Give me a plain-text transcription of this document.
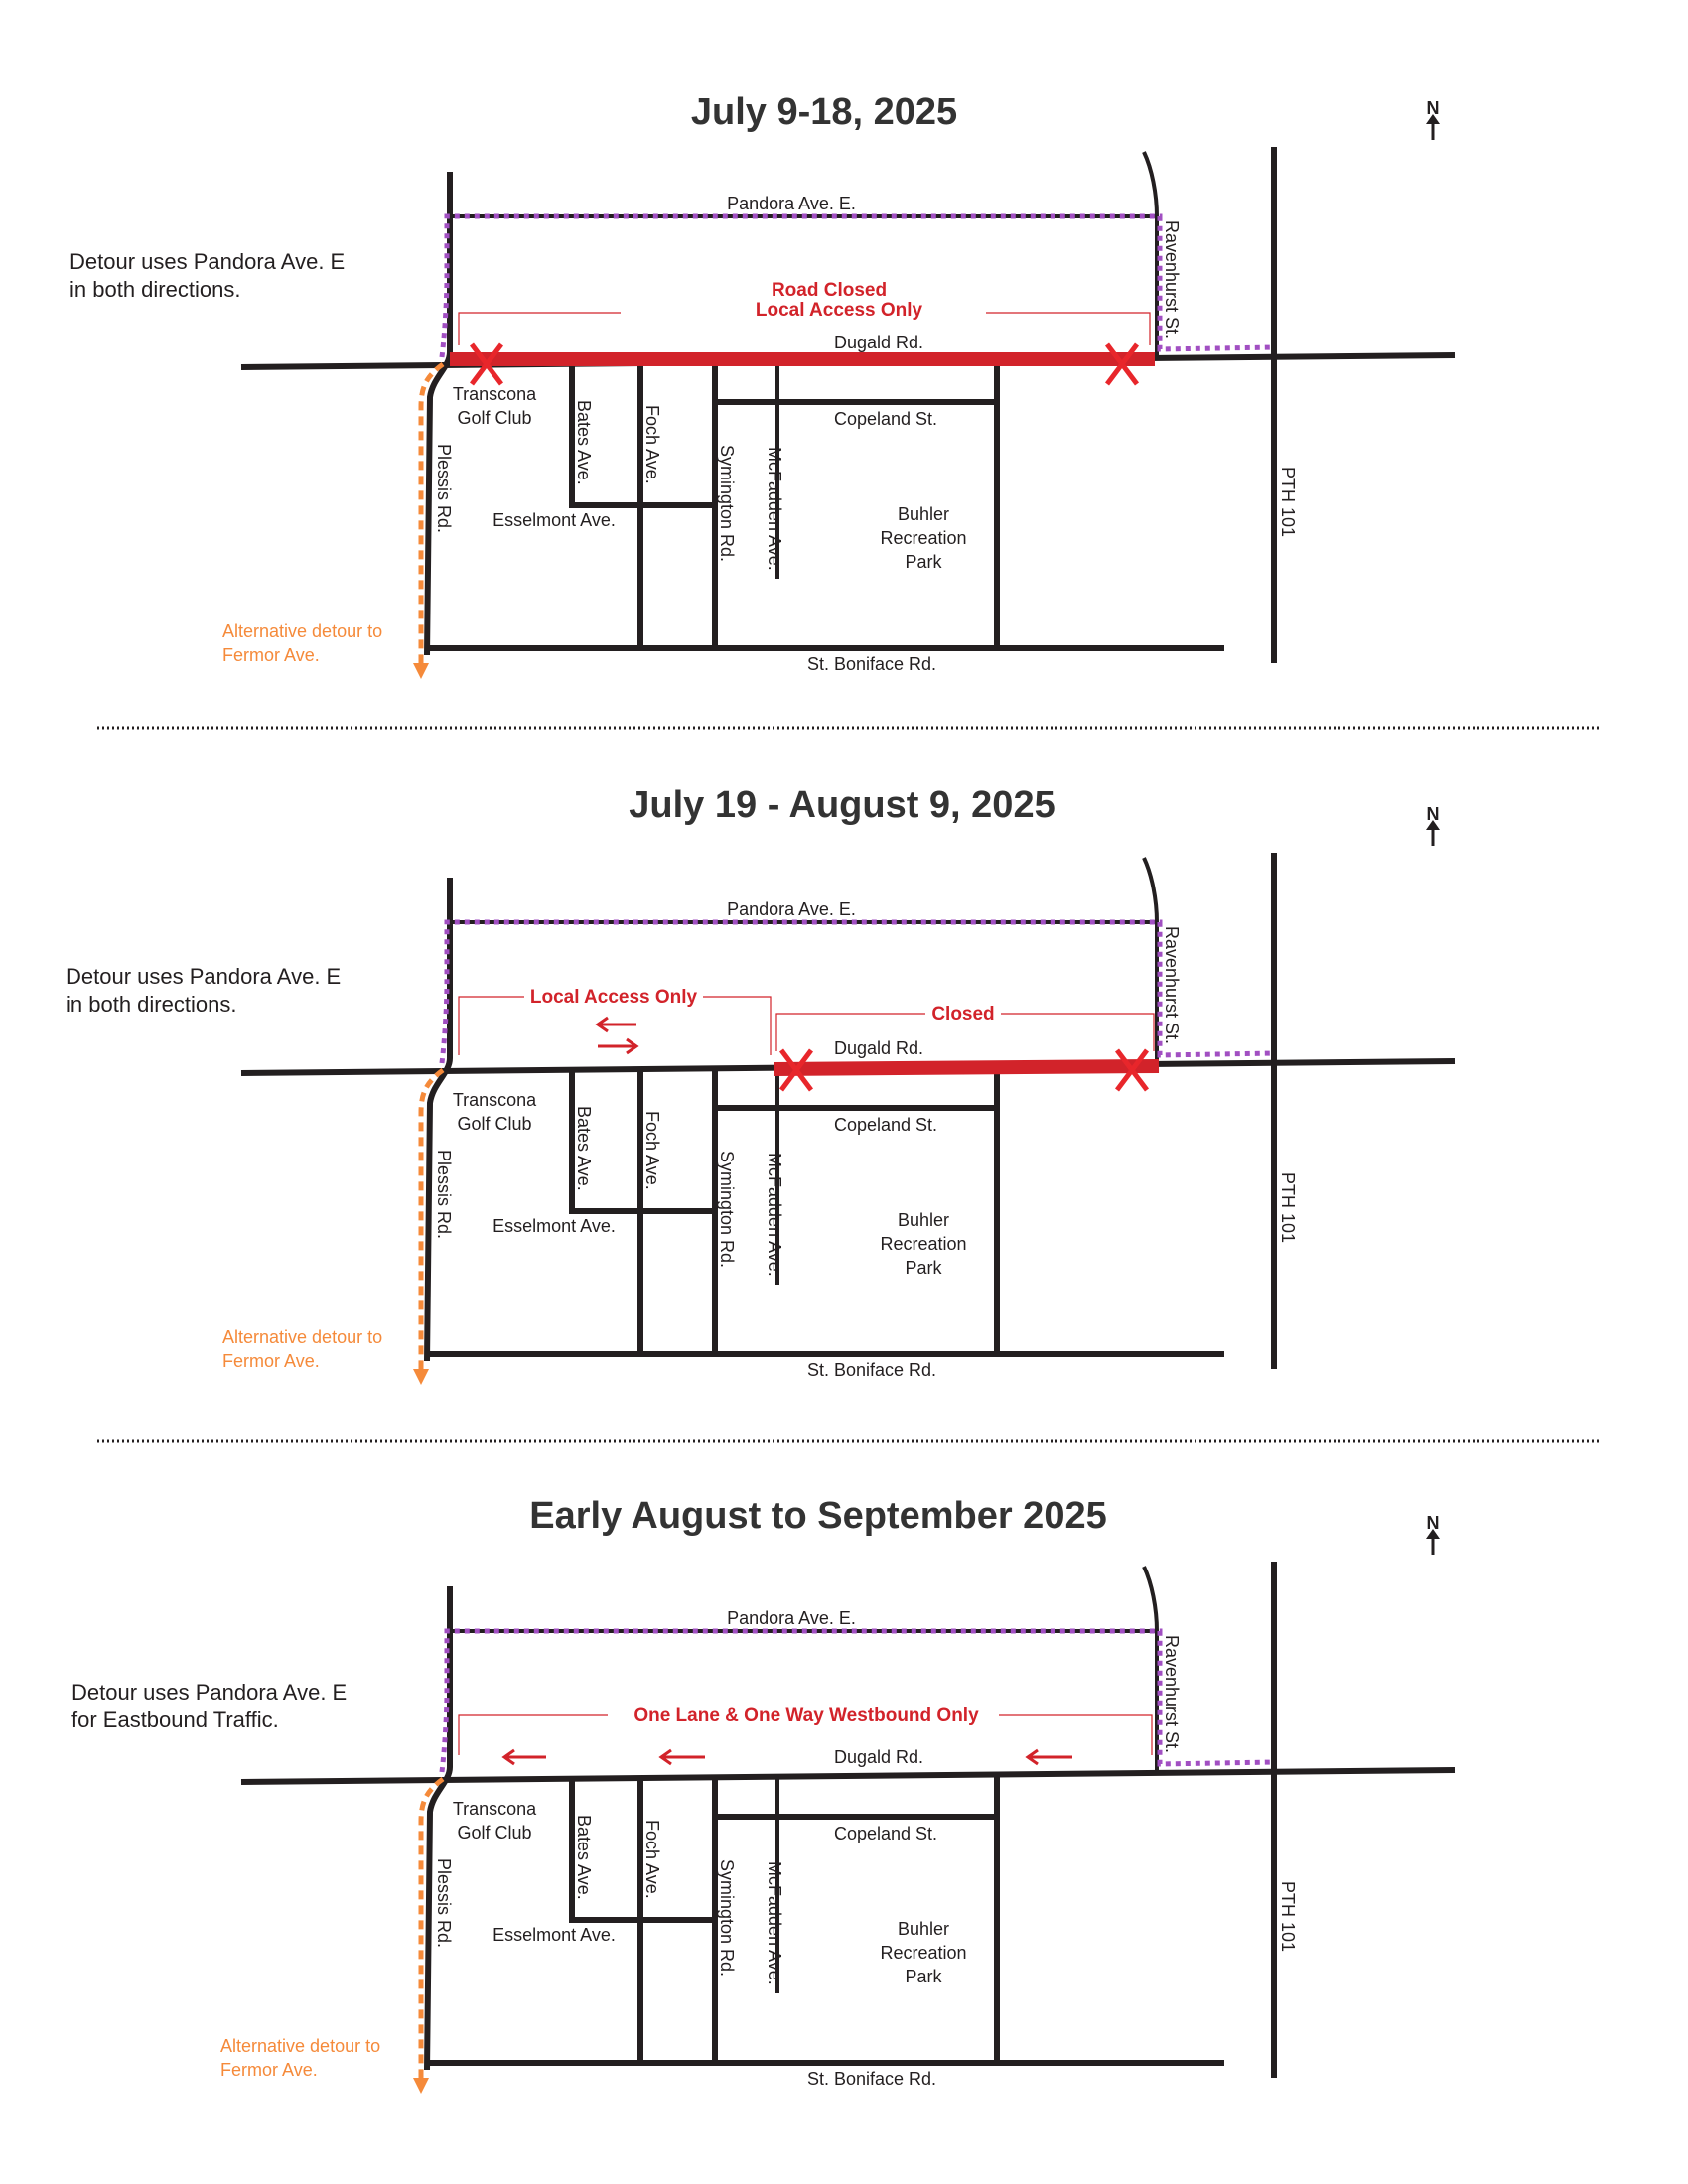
July 9-18, 2025	N
Road Closed
Local Access Only
Detour uses Pandora Ave. E
in both directions.
Alternative detour to
Fermor Ave.
Pandora Ave. E.
Dugald Rd.
Ravenhurst St.
Transcona
Golf Club
Plessis Rd.
Bates Ave.	Foch Ave.
Symington Rd. McFadden Ave.
Copeland St.
Esselmont Ave.	Buhler
Recreation
Park
PTH 101
St. Boniface Rd.
July 19 - August 9, 2025	N
Local Access Only
Closed
Detour uses Pandora Ave. E
in both directions.
Alternative detour to
Fermor Ave.
Pandora Ave. E.
Dugald Rd.
Ravenhurst St.
Transcona
Golf Club
Plessis Rd.
Bates Ave.	Foch Ave.
Symington Rd. McFadden Ave.
Copeland St.
Esselmont Ave.	Buhler
Recreation
Park
PTH 101
St. Boniface Rd.
Early August to September 2025	N
One Lane & One Way Westbound Only
Detour uses Pandora Ave. E
for Eastbound Traffic.
Alternative detour to
Fermor Ave.
Pandora Ave. E.
Dugald Rd.
Ravenhurst St.
Transcona
Golf Club
Plessis Rd.
Bates Ave.	Foch Ave.
Symington Rd. McFadden Ave.
Copeland St.
Esselmont Ave.	Buhler
Recreation
Park
PTH 101
St. Boniface Rd.
